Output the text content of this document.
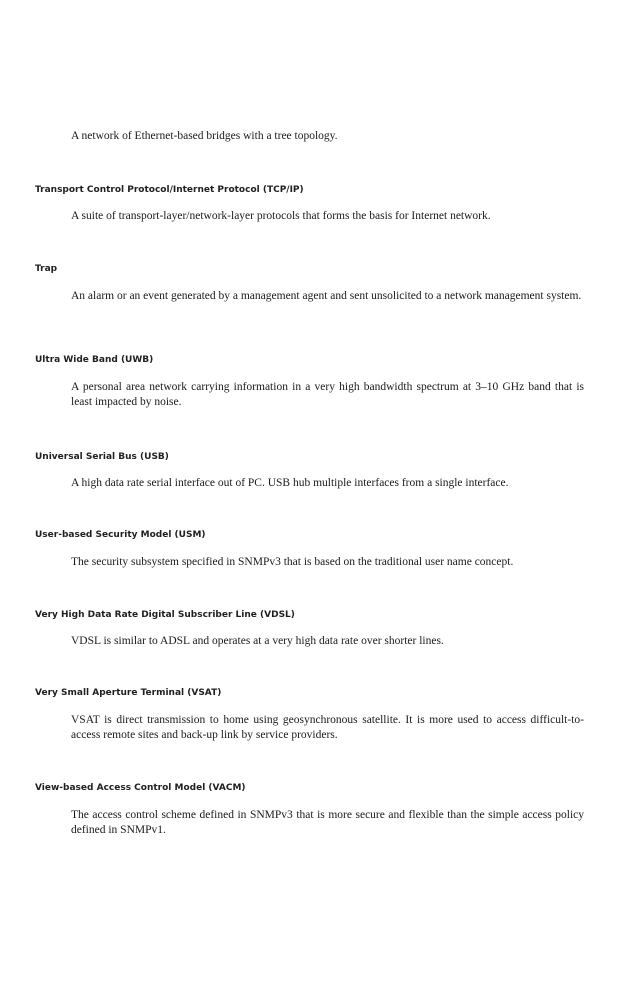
A network of Ethernet-based bridges with a tree topology.
Transport Control Protocol/Internet Protocol (TCP/IP)
A suite of transport-layer/network-layer protocols that forms the basis for Internet network.
Trap
An alarm or an event generated by a management agent and sent unsolicited to a network management system.
Ultra Wide Band (UWB)
A personal area network carrying information in a very high bandwidth spectrum at 3–10 GHz band that is least impacted by noise.
Universal Serial Bus (USB)
A high data rate serial interface out of PC. USB hub multiple interfaces from a single interface.
User-based Security Model (USM)
The security subsystem specified in SNMPv3 that is based on the traditional user name concept.
Very High Data Rate Digital Subscriber Line (VDSL)
VDSL is similar to ADSL and operates at a very high data rate over shorter lines.
Very Small Aperture Terminal (VSAT)
VSAT is direct transmission to home using geosynchronous satellite. It is more used to access difficult-to-access remote sites and back-up link by service providers.
View-based Access Control Model (VACM)
The access control scheme defined in SNMPv3 that is more secure and flexible than the simple access policy defined in SNMPv1.
